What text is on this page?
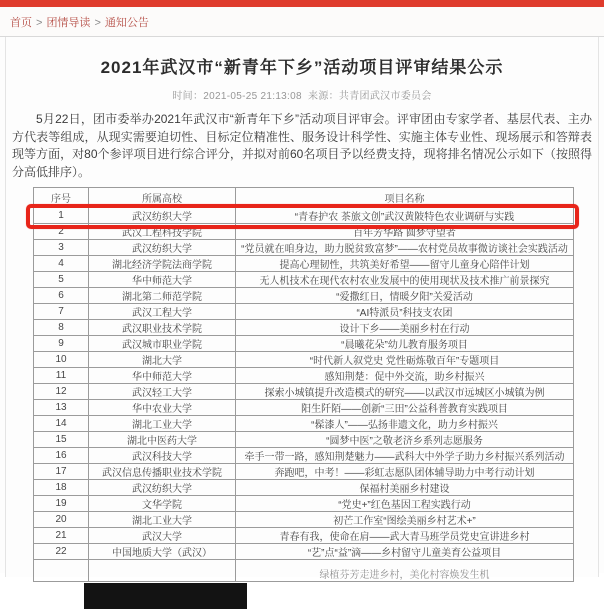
首页 > 团情导读 > 通知公告
2021年武汉市“新青年下乡”活动项目评审结果公示
时间：2021-05-25 21:13:08 来源：共青团武汉市委员会

5月22日，团市委举办2021年武汉市“新青年下乡”活动项目评审会。评审团由专家学者、基层代表、主办方代表等组成，从现实需要迫切性、目标定位精准性、服务设计科学性、实施主体专业性、现场展示和答辩表现等方面，对80个参评项目进行综合评分，并拟对前60名项目予以经费支持，现将排名情况公示如下（按照得分高低排序）。

序号	所属高校	项目名称
1	武汉纺织大学	“青春护农 茶旅文创”武汉黄陂特色农业调研与实践
2	武汉工程科技学院	百年芳华路 圆梦守望者
3	武汉纺织大学	“党员就在咱身边，助力脱贫致富梦”——农村党员故事微访谈社会实践活动
4	湖北经济学院法商学院	提高心理韧性，共筑美好希望——留守儿童身心陪伴计划
5	华中师范大学	无人机技术在现代农村农业发展中的使用现状及技术推广前景探究
6	湖北第二师范学院	“爱撒红日，情暖夕阳”关爱活动
7	武汉工程大学	“AI特派员”科技支农团
8	武汉职业技术学院	设计下乡——美丽乡村在行动
9	武汉城市职业学院	“晨曦花朵”幼儿教育服务项目
10	湖北大学	“时代新人叙党史 党性砺炼敬百年”专题项目
11	华中师范大学	感知荆楚：促中外交流，助乡村振兴
12	武汉轻工大学	探索小城镇提升改造模式的研究——以武汉市远城区小城镇为例
13	华中农业大学	阳生阡陌——创新“三田”公益科普教育实践项目
14	湖北工业大学	“髹漆人”——弘扬非遗文化，助力乡村振兴
15	湖北中医药大学	“圆梦中医”之敬老济乡系列志愿服务
16	武汉科技大学	牵手一带一路，感知荆楚魅力——武科大中外学子助力乡村振兴系列活动
17	武汉信息传播职业技术学院	奔跑吧，中考！——彩虹志愿队团体辅导助力中考行动计划
18	武汉纺织大学	保福村美丽乡村建设
19	文华学院	“党史+”红色基因工程实践行动
20	湖北工业大学	初芒工作室“图绘美丽乡村艺术+”
21	武汉大学	青春有我，使命在肩——武大青马班学员党史宣讲进乡村
22	中国地质大学（武汉）	“艺”点“益”滴——乡村留守儿童美育公益项目
		绿植芬芳走进乡村，美化村容焕发生机
